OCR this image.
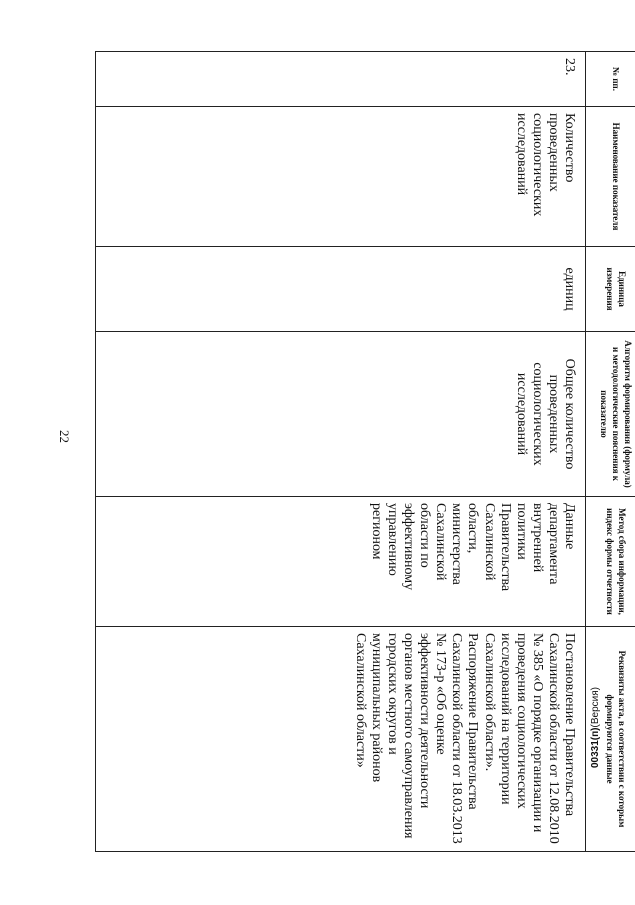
22
№ пп.	Наименование показателя	Единица измерения	Алгоритм формирования (формула) и методологические пояснения к показателю	Метод сбора информации, индекс формы отчетности	Реквизиты акта, в соответствии с которым формируются данные
23.	Количество проведенных социологических исследований	единиц	Общее количество проведенных социологических исследований	Данные департамента внутренней политики Правительства Сахалинской области, министерства Сахалинской области по эффективному управлению регионом	Постановление Правительства Сахалинской области от 12.08.2010 № 385 «О порядке организации и проведения социологических исследований на территории Сахалинской области». Распоряжение Правительства Сахалинской области от 18.03.2013 № 173-р «Об оценке эффективности деятельности органов местного самоуправления городских округов и муниципальных районов Сахалинской области»	00331(п)(Версия)
